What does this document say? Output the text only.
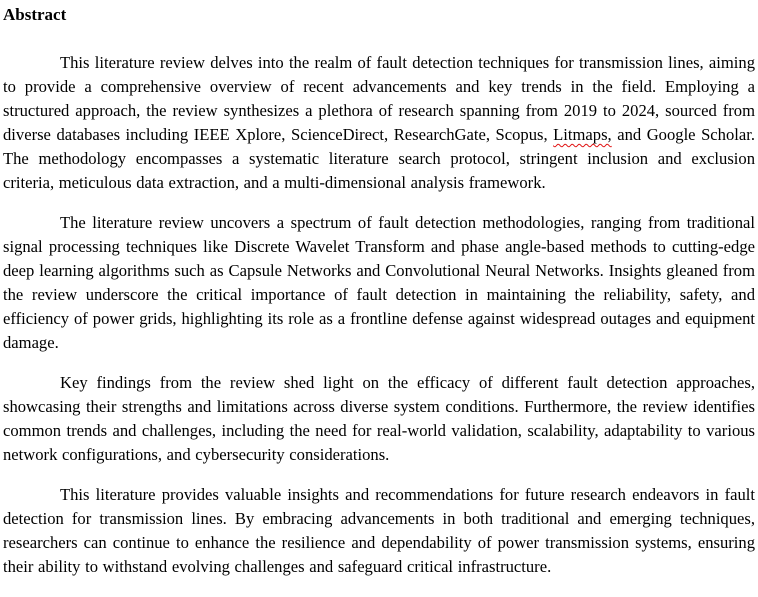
Abstract

This literature review delves into the realm of fault detection techniques for transmission lines, aiming to provide a comprehensive overview of recent advancements and key trends in the field. Employing a structured approach, the review synthesizes a plethora of research spanning from 2019 to 2024, sourced from diverse databases including IEEE Xplore, ScienceDirect, ResearchGate, Scopus, Litmaps, and Google Scholar. The methodology encompasses a systematic literature search protocol, stringent inclusion and exclusion criteria, meticulous data extraction, and a multi-dimensional analysis framework.

The literature review uncovers a spectrum of fault detection methodologies, ranging from traditional signal processing techniques like Discrete Wavelet Transform and phase angle-based methods to cutting-edge deep learning algorithms such as Capsule Networks and Convolutional Neural Networks. Insights gleaned from the review underscore the critical importance of fault detection in maintaining the reliability, safety, and efficiency of power grids, highlighting its role as a frontline defense against widespread outages and equipment damage.

Key findings from the review shed light on the efficacy of different fault detection approaches, showcasing their strengths and limitations across diverse system conditions. Furthermore, the review identifies common trends and challenges, including the need for real-world validation, scalability, adaptability to various network configurations, and cybersecurity considerations.

This literature provides valuable insights and recommendations for future research endeavors in fault detection for transmission lines. By embracing advancements in both traditional and emerging techniques, researchers can continue to enhance the resilience and dependability of power transmission systems, ensuring their ability to withstand evolving challenges and safeguard critical infrastructure.
